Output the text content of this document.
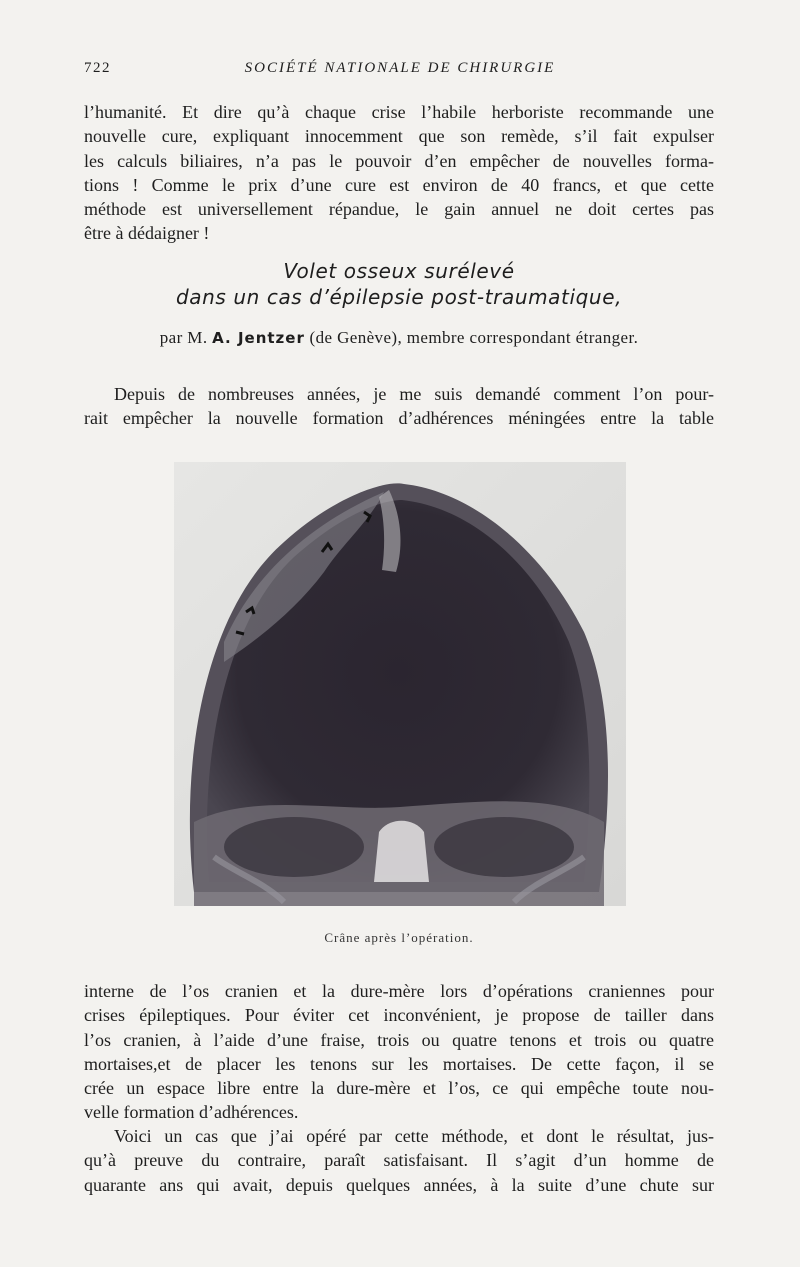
722	SOCIÉTÉ NATIONALE DE CHIRURGIE

l’humanité. Et dire qu’à chaque crise l’habile herboriste recommande une
nouvelle cure, expliquant innocemment que son remède, s’il fait expulser
les calculs biliaires, n’a pas le pouvoir d’en empêcher de nouvelles forma-
tions ! Comme le prix d’une cure est environ de 40 francs, et que cette
méthode est universellement répandue, le gain annuel ne doit certes pas
être à dédaigner !

Volet osseux surélevé
dans un cas d’épilepsie post-traumatique,
par M. A. Jentzer (de Genève), membre correspondant étranger.

Depuis de nombreuses années, je me suis demandé comment l’on pour-
rait empêcher la nouvelle formation d’adhérences méningées entre la table

Crâne après l’opération.

interne de l’os cranien et la dure-mère lors d’opérations craniennes pour
crises épileptiques. Pour éviter cet inconvénient, je propose de tailler dans
l’os cranien, à l’aide d’une fraise, trois ou quatre tenons et trois ou quatre
mortaises,et de placer les tenons sur les mortaises. De cette façon, il se
crée un espace libre entre la dure-mère et l’os, ce qui empêche toute nou-
velle formation d’adhérences.

Voici un cas que j’ai opéré par cette méthode, et dont le résultat, jus-
qu’à preuve du contraire, paraît satisfaisant. Il s’agit d’un homme de
quarante ans qui avait, depuis quelques années, à la suite d’une chute sur
